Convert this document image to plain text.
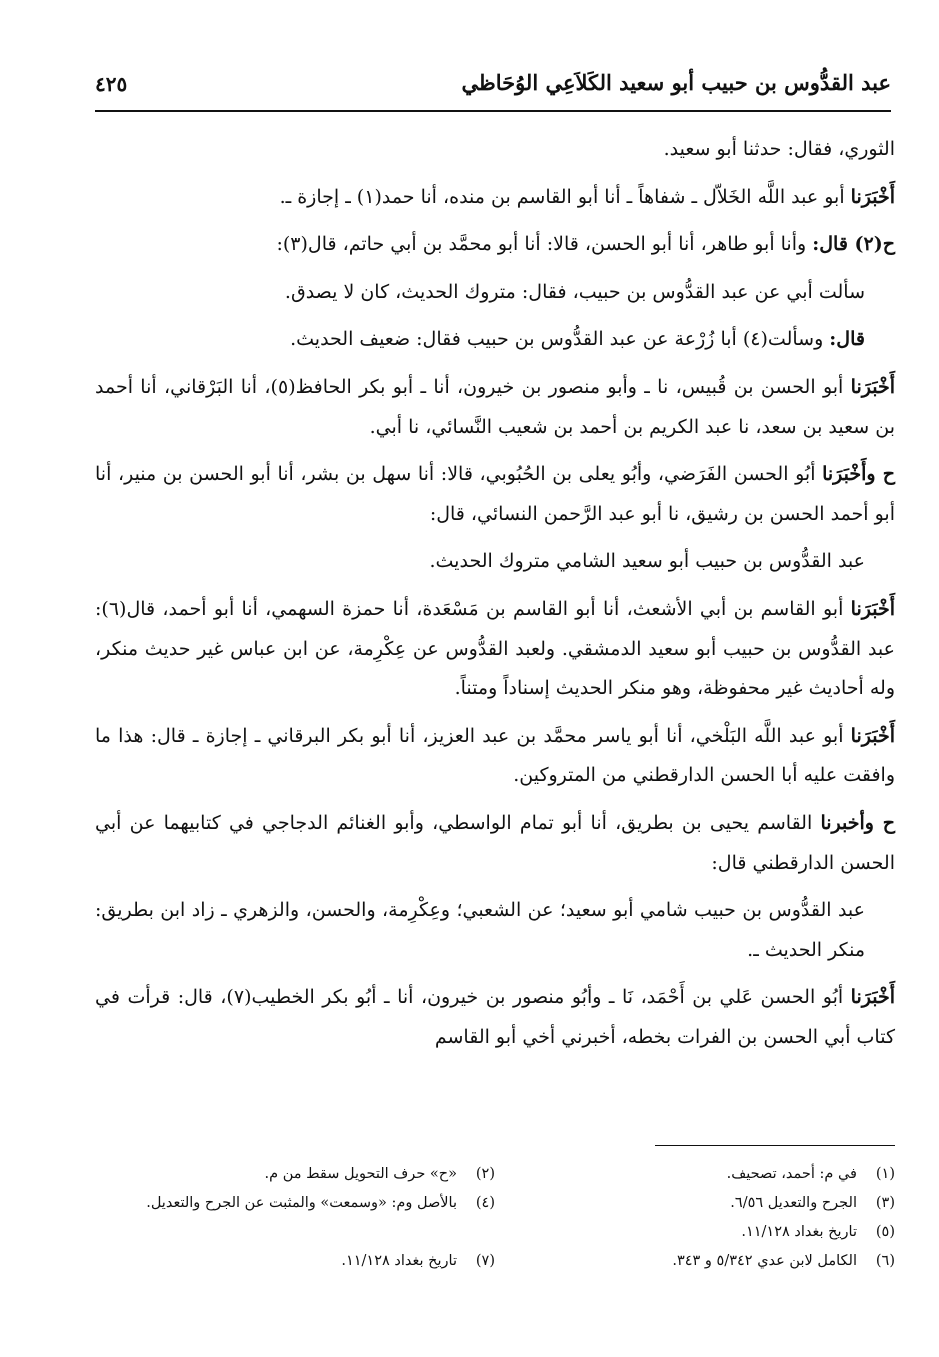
عبد القدُّوس بن حبيب أبو سعيد الكَلاَعِي الوُحَاظي
٤٢٥

الثوري، فقال: حدثنا أبو سعيد.

أَخْبَرَنا أبو عبد اللَّه الخَلاّل ـ شفاهاً ـ أنا أبو القاسم بن منده، أنا حمد(١) ـ إجازة ـ.

ح(٢) قال: وأنا أبو طاهر، أنا أبو الحسن، قالا: أنا أبو محمَّد بن أبي حاتم، قال(٣):

سألت أبي عن عبد القدُّوس بن حبيب، فقال: متروك الحديث، كان لا يصدق.

قال: وسألت(٤) أبا زُرْعة عن عبد القدُّوس بن حبيب فقال: ضعيف الحديث.

أَخْبَرَنا أبو الحسن بن قُبيس، نا ـ وأبو منصور بن خيرون، أنا ـ أبو بكر الحافظ(٥)، أنا البَرْقاني، أنا أحمد بن سعيد بن سعد، نا عبد الكريم بن أحمد بن شعيب النَّسائي، نا أبي.

ح وأَخْبَرَنا أبُو الحسن الفَرَضي، وأبُو يعلى بن الحُبُوبي، قالا: أنا سهل بن بشر، أنا أبو الحسن بن منير، أنا أبو أحمد الحسن بن رشيق، نا أبو عبد الرَّحمن النسائي، قال:

عبد القدُّوس بن حبيب أبو سعيد الشامي متروك الحديث.

أَخْبَرَنا أبو القاسم بن أبي الأشعث، أنا أبو القاسم بن مَسْعَدة، أنا حمزة السهمي، أنا أبو أحمد، قال(٦): عبد القدُّوس بن حبيب أبو سعيد الدمشقي. ولعبد القدُّوس عن عِكْرِمة، عن ابن عباس غير حديث منكر، وله أحاديث غير محفوظة، وهو منكر الحديث إسناداً ومتناً.

أَخْبَرَنا أبو عبد اللَّه البَلْخي، أنا أبو ياسر محمَّد بن عبد العزيز، أنا أبو بكر البرقاني ـ إجازة ـ قال: هذا ما وافقت عليه أبا الحسن الدارقطني من المتروكين.

ح وأخبرنا القاسم يحيى بن بطريق، أنا أبو تمام الواسطي، وأبو الغنائم الدجاجي في كتابيهما عن أبي الحسن الدارقطني قال:

عبد القدُّوس بن حبيب شامي أبو سعيد؛ عن الشعبي؛ وعِكْرِمة، والحسن، والزهري ـ زاد ابن بطريق: منكر الحديث ـ.

أَخْبَرَنا أبُو الحسن عَلي بن أَحْمَد، نَا ـ وأبُو منصور بن خيرون، أنا ـ أبُو بكر الخطيب(٧)، قال: قرأت في كتاب أبي الحسن بن الفرات بخطه، أخبرني أخي أبو القاسم

(١)
في م: أحمد، تصحيف.
(٢)
«ح» حرف التحويل سقط من م.
(٣)
الجرح والتعديل ٦/٥٦.
(٤)
بالأصل وم: «وسمعت» والمثبت عن الجرح والتعديل.
(٥)
تاريخ بغداد ١١/١٢٨.
(٦)
الكامل لابن عدي ٥/٣٤٢ و ٣٤٣.
(٧)
تاريخ بغداد ١١/١٢٨.
